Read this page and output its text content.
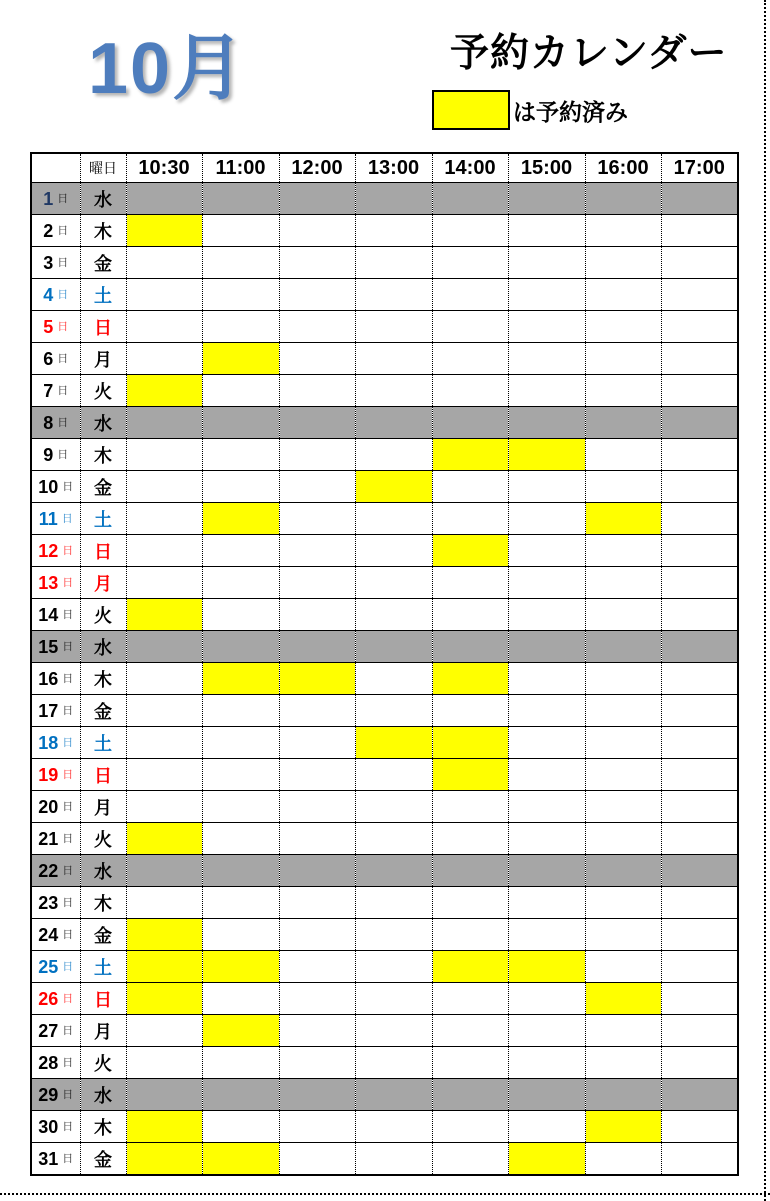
10月	予約カレンダー
は予約済み
	曜日	10:30	11:00	12:00	13:00	14:00	15:00	16:00	17:00

1 日	水								

2 日	木								

3 日	金								

4 日	土								

5 日	日								

6 日	月								

7 日	火								

8 日	水								

9 日	木								

10 日	金								

11 日	土								

12 日	日								

13 日	月								

14 日	火								

15 日	水								

16 日	木								

17 日	金								

18 日	土								

19 日	日								

20 日	月								

21 日	火								

22 日	水								

23 日	木								

24 日	金								

25 日	土								

26 日	日								

27 日	月								

28 日	火								

29 日	水								

30 日	木								

31 日	金								
